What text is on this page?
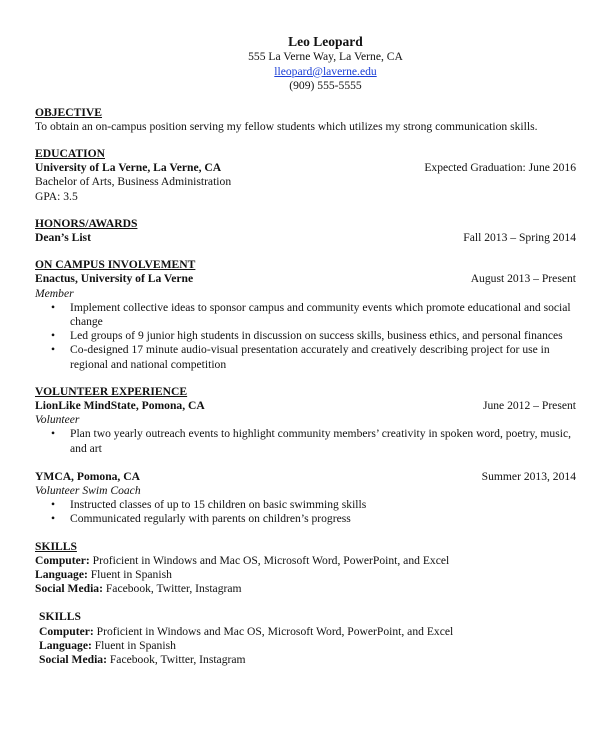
Leo Leopard
555 La Verne Way, La Verne, CA
lleopard@laverne.edu
(909) 555-5555
OBJECTIVE
To obtain an on-campus position serving my fellow students which utilizes my strong communication skills.
EDUCATION
University of La Verne, La Verne, CA	Expected Graduation: June 2016
Bachelor of Arts, Business Administration
GPA: 3.5
HONORS/AWARDS
Dean’s List	Fall 2013 – Spring 2014
ON CAMPUS INVOLVEMENT
Enactus, University of La Verne	August 2013 – Present
Member
• Implement collective ideas to sponsor campus and community events which promote educational and social change
• Led groups of 9 junior high students in discussion on success skills, business ethics, and personal finances
• Co-designed 17 minute audio-visual presentation accurately and creatively describing project for use in regional and national competition
VOLUNTEER EXPERIENCE
LionLike MindState, Pomona, CA	June 2012 – Present
Volunteer
• Plan two yearly outreach events to highlight community members’ creativity in spoken word, poetry, music, and art
YMCA, Pomona, CA	Summer 2013, 2014
Volunteer Swim Coach
• Instructed classes of up to 15 children on basic swimming skills
• Communicated regularly with parents on children’s progress
SKILLS
Computer: Proficient in Windows and Mac OS, Microsoft Word, PowerPoint, and Excel
Language: Fluent in Spanish
Social Media: Facebook, Twitter, Instagram
SKILLS
Computer: Proficient in Windows and Mac OS, Microsoft Word, PowerPoint, and Excel
Language: Fluent in Spanish
Social Media: Facebook, Twitter, Instagram
